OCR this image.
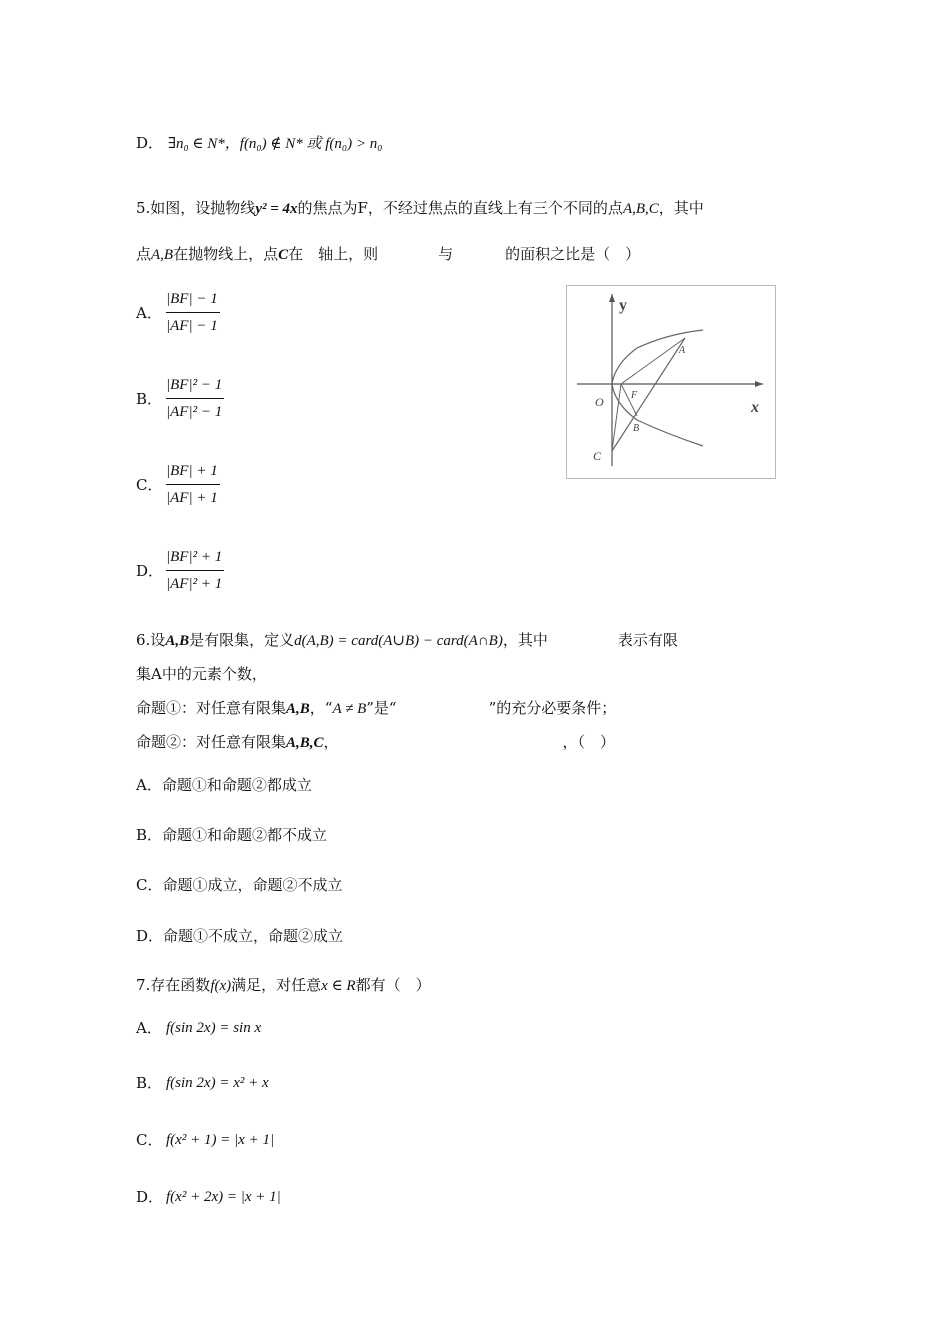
D． ∃n₀ ∈ N*，f(n₀) ∉ N* 或 f(n₀) > n₀
5.如图，设抛物线y² = 4x的焦点为F，不经过焦点的直线上有三个不同的点A,B,C，其中
点A,B在抛物线上，点C在　轴上，则	与	的面积之比是（　）
A． $\frac{|BF| - 1}{|AF| - 1}$
B． $\frac{\text{|BF|² − 1}}{\text{|AF|² − 1}}$
C． $\frac{|BF| + 1}{|AF| + 1}$
D． $\frac{\text{|BF|² + 1}}{\text{|AF|² + 1}}$
y
x
O
A
B
C
F
6.设A,B是有限集，定义d(A,B) = card(A∪B) − card(A∩B)，其中	表示有限
集A中的元素个数，
命题①：对任意有限集A,B，“A ≠ B”是“	”的充分必要条件；
命题②：对任意有限集A,B,C，	，（　）
A．命题①和命题②都成立
B．命题①和命题②都不成立
C．命题①成立，命题②不成立
D．命题①不成立，命题②成立
7.存在函数f(x)满足，对任意x ∈ R都有（　）
A． f(sin 2x) = sin x
B． f(sin 2x) = x² + x
C． f(x² + 1) = |x + 1|
D． f(x² + 2x) = |x + 1|
